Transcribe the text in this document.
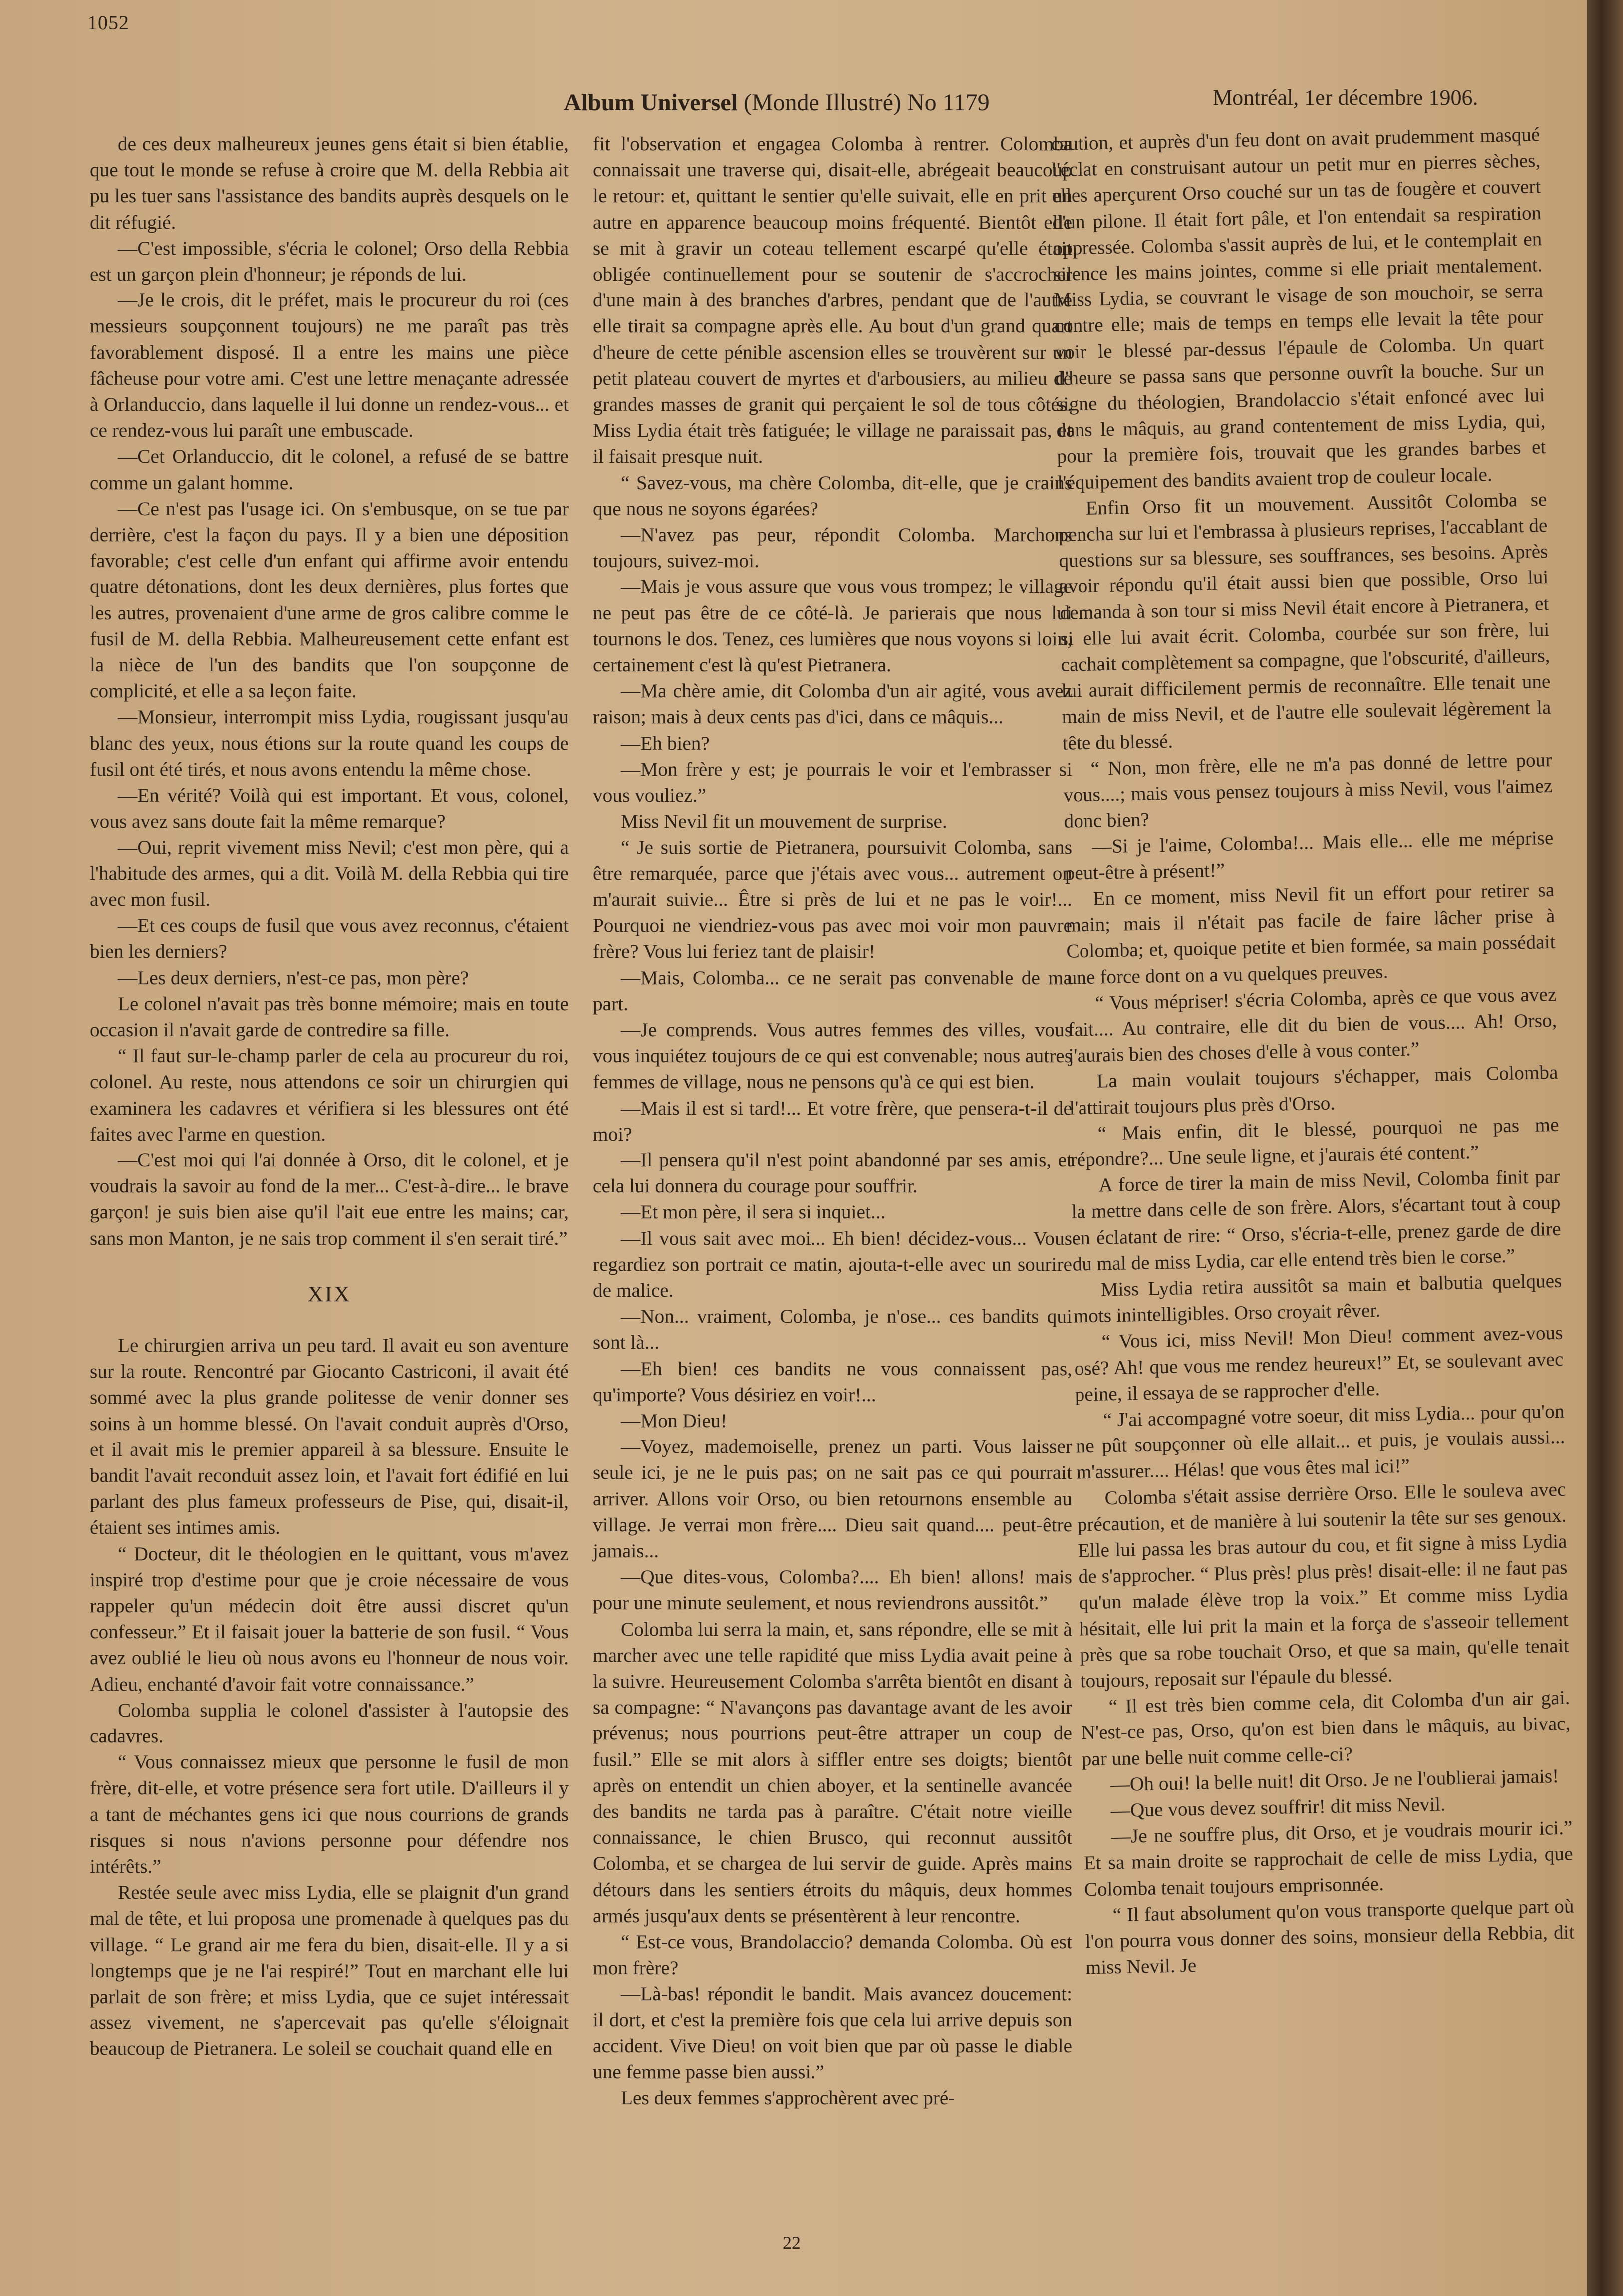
1052
Album Universel (Monde Illustré) No 1179	Montréal, 1er décembre 1906.

de ces deux malheureux jeunes gens était si bien établie, que tout le monde se refuse à croire que M. della Rebbia ait pu les tuer sans l'assistance des bandits auprès desquels on le dit réfugié.

—C'est impossible, s'écria le colonel; Orso della Rebbia est un garçon plein d'honneur; je réponds de lui.

—Je le crois, dit le préfet, mais le procureur du roi (ces messieurs soupçonnent toujours) ne me paraît pas très favorablement disposé. Il a entre les mains une pièce fâcheuse pour votre ami. C'est une lettre menaçante adressée à Orlanduccio, dans laquelle il lui donne un rendez-vous... et ce rendez-vous lui paraît une embuscade.

—Cet Orlanduccio, dit le colonel, a refusé de se battre comme un galant homme.

—Ce n'est pas l'usage ici. On s'embusque, on se tue par derrière, c'est la façon du pays. Il y a bien une déposition favorable; c'est celle d'un enfant qui affirme avoir entendu quatre détonations, dont les deux dernières, plus fortes que les autres, provenaient d'une arme de gros calibre comme le fusil de M. della Rebbia. Malheureusement cette enfant est la nièce de l'un des bandits que l'on soupçonne de complicité, et elle a sa leçon faite.

—Monsieur, interrompit miss Lydia, rougissant jusqu'au blanc des yeux, nous étions sur la route quand les coups de fusil ont été tirés, et nous avons entendu la même chose.

—En vérité? Voilà qui est important. Et vous, colonel, vous avez sans doute fait la même remarque?

—Oui, reprit vivement miss Nevil; c'est mon père, qui a l'habitude des armes, qui a dit. Voilà M. della Rebbia qui tire avec mon fusil.

—Et ces coups de fusil que vous avez reconnus, c'étaient bien les derniers?

—Les deux derniers, n'est-ce pas, mon père?

Le colonel n'avait pas très bonne mémoire; mais en toute occasion il n'avait garde de contredire sa fille.

“ Il faut sur-le-champ parler de cela au procureur du roi, colonel. Au reste, nous attendons ce soir un chirurgien qui examinera les cadavres et vérifiera si les blessures ont été faites avec l'arme en question.

—C'est moi qui l'ai donnée à Orso, dit le colonel, et je voudrais la savoir au fond de la mer... C'est-à-dire... le brave garçon! je suis bien aise qu'il l'ait eue entre les mains; car, sans mon Manton, je ne sais trop comment il s'en serait tiré.”

XIX

Le chirurgien arriva un peu tard. Il avait eu son aventure sur la route. Rencontré par Giocanto Castriconi, il avait été sommé avec la plus grande politesse de venir donner ses soins à un homme blessé. On l'avait conduit auprès d'Orso, et il avait mis le premier appareil à sa blessure. Ensuite le bandit l'avait reconduit assez loin, et l'avait fort édifié en lui parlant des plus fameux professeurs de Pise, qui, disait-il, étaient ses intimes amis.

“ Docteur, dit le théologien en le quittant, vous m'avez inspiré trop d'estime pour que je croie nécessaire de vous rappeler qu'un médecin doit être aussi discret qu'un confesseur.” Et il faisait jouer la batterie de son fusil. “ Vous avez oublié le lieu où nous avons eu l'honneur de nous voir. Adieu, enchanté d'avoir fait votre connaissance.”

Colomba supplia le colonel d'assister à l'autopsie des cadavres.

“ Vous connaissez mieux que personne le fusil de mon frère, dit-elle, et votre présence sera fort utile. D'ailleurs il y a tant de méchantes gens ici que nous courrions de grands risques si nous n'avions personne pour défendre nos intérêts.”

Restée seule avec miss Lydia, elle se plaignit d'un grand mal de tête, et lui proposa une promenade à quelques pas du village. “ Le grand air me fera du bien, disait-elle. Il y a si longtemps que je ne l'ai respiré!” Tout en marchant elle lui parlait de son frère; et miss Lydia, que ce sujet intéressait assez vivement, ne s'apercevait pas qu'elle s'éloignait beaucoup de Pietranera. Le soleil se couchait quand elle en

fit l'observation et engagea Colomba à rentrer. Colomba connaissait une traverse qui, disait-elle, abrégeait beaucoup le retour: et, quittant le sentier qu'elle suivait, elle en prit un autre en apparence beaucoup moins fréquenté. Bientôt elle se mit à gravir un coteau tellement escarpé qu'elle était obligée continuellement pour se soutenir de s'accrocher d'une main à des branches d'arbres, pendant que de l'autre elle tirait sa compagne après elle. Au bout d'un grand quart d'heure de cette pénible ascension elles se trouvèrent sur un petit plateau couvert de myrtes et d'arbousiers, au milieu de grandes masses de granit qui perçaient le sol de tous côtés. Miss Lydia était très fatiguée; le village ne paraissait pas, et il faisait presque nuit.

“ Savez-vous, ma chère Colomba, dit-elle, que je crains que nous ne soyons égarées?

—N'avez pas peur, répondit Colomba. Marchons toujours, suivez-moi.

—Mais je vous assure que vous vous trompez; le village ne peut pas être de ce côté-là. Je parierais que nous lui tournons le dos. Tenez, ces lumières que nous voyons si loin, certainement c'est là qu'est Pietranera.

—Ma chère amie, dit Colomba d'un air agité, vous avez raison; mais à deux cents pas d'ici, dans ce mâquis...

—Eh bien?

—Mon frère y est; je pourrais le voir et l'embrasser si vous vouliez.”

Miss Nevil fit un mouvement de surprise.

“ Je suis sortie de Pietranera, poursuivit Colomba, sans être remarquée, parce que j'étais avec vous... autrement on m'aurait suivie... Être si près de lui et ne pas le voir!... Pourquoi ne viendriez-vous pas avec moi voir mon pauvre frère? Vous lui feriez tant de plaisir!

—Mais, Colomba... ce ne serait pas convenable de ma part.

—Je comprends. Vous autres femmes des villes, vous vous inquiétez toujours de ce qui est convenable; nous autres femmes de village, nous ne pensons qu'à ce qui est bien.

—Mais il est si tard!... Et votre frère, que pensera-t-il de moi?

—Il pensera qu'il n'est point abandonné par ses amis, et cela lui donnera du courage pour souffrir.

—Et mon père, il sera si inquiet...

—Il vous sait avec moi... Eh bien! décidez-vous... Vous regardiez son portrait ce matin, ajouta-t-elle avec un sourire de malice.

—Non... vraiment, Colomba, je n'ose... ces bandits qui sont là...

—Eh bien! ces bandits ne vous connaissent pas, qu'importe? Vous désiriez en voir!...

—Mon Dieu!

—Voyez, mademoiselle, prenez un parti. Vous laisser seule ici, je ne le puis pas; on ne sait pas ce qui pourrait arriver. Allons voir Orso, ou bien retournons ensemble au village. Je verrai mon frère.... Dieu sait quand.... peut-être jamais...

—Que dites-vous, Colomba?.... Eh bien! allons! mais pour une minute seulement, et nous reviendrons aussitôt.”

Colomba lui serra la main, et, sans répondre, elle se mit à marcher avec une telle rapidité que miss Lydia avait peine à la suivre. Heureusement Colomba s'arrêta bientôt en disant à sa compagne: “ N'avançons pas davantage avant de les avoir prévenus; nous pourrions peut-être attraper un coup de fusil.” Elle se mit alors à siffler entre ses doigts; bientôt après on entendit un chien aboyer, et la sentinelle avancée des bandits ne tarda pas à paraître. C'était notre vieille connaissance, le chien Brusco, qui reconnut aussitôt Colomba, et se chargea de lui servir de guide. Après mains détours dans les sentiers étroits du mâquis, deux hommes armés jusqu'aux dents se présentèrent à leur rencontre.

“ Est-ce vous, Brandolaccio? demanda Colomba. Où est mon frère?

—Là-bas! répondit le bandit. Mais avancez doucement: il dort, et c'est la première fois que cela lui arrive depuis son accident. Vive Dieu! on voit bien que par où passe le diable une femme passe bien aussi.”

Les deux femmes s'approchèrent avec pré-

caution, et auprès d'un feu dont on avait prudemment masqué l'éclat en construisant autour un petit mur en pierres sèches, elles aperçurent Orso couché sur un tas de fougère et couvert d'un pilone. Il était fort pâle, et l'on entendait sa respiration oppressée. Colomba s'assit auprès de lui, et le contemplait en silence les mains jointes, comme si elle priait mentalement. Miss Lydia, se couvrant le visage de son mouchoir, se serra contre elle; mais de temps en temps elle levait la tête pour voir le blessé par-dessus l'épaule de Colomba. Un quart d'heure se passa sans que personne ouvrît la bouche. Sur un signe du théologien, Brandolaccio s'était enfoncé avec lui dans le mâquis, au grand contentement de miss Lydia, qui, pour la première fois, trouvait que les grandes barbes et l'équipement des bandits avaient trop de couleur locale.

Enfin Orso fit un mouvement. Aussitôt Colomba se pencha sur lui et l'embrassa à plusieurs reprises, l'accablant de questions sur sa blessure, ses souffrances, ses besoins. Après avoir répondu qu'il était aussi bien que possible, Orso lui demanda à son tour si miss Nevil était encore à Pietranera, et si elle lui avait écrit. Colomba, courbée sur son frère, lui cachait complètement sa compagne, que l'obscurité, d'ailleurs, lui aurait difficilement permis de reconnaître. Elle tenait une main de miss Nevil, et de l'autre elle soulevait légèrement la tête du blessé.

“ Non, mon frère, elle ne m'a pas donné de lettre pour vous....; mais vous pensez toujours à miss Nevil, vous l'aimez donc bien?

—Si je l'aime, Colomba!... Mais elle... elle me méprise peut-être à présent!”

En ce moment, miss Nevil fit un effort pour retirer sa main; mais il n'était pas facile de faire lâcher prise à Colomba; et, quoique petite et bien formée, sa main possédait une force dont on a vu quelques preuves.

“ Vous mépriser! s'écria Colomba, après ce que vous avez fait.... Au contraire, elle dit du bien de vous.... Ah! Orso, j'aurais bien des choses d'elle à vous conter.”

La main voulait toujours s'échapper, mais Colomba l'attirait toujours plus près d'Orso.

“ Mais enfin, dit le blessé, pourquoi ne pas me répondre?... Une seule ligne, et j'aurais été content.”

A force de tirer la main de miss Nevil, Colomba finit par la mettre dans celle de son frère. Alors, s'écartant tout à coup en éclatant de rire: “ Orso, s'écria-t-elle, prenez garde de dire du mal de miss Lydia, car elle entend très bien le corse.”

Miss Lydia retira aussitôt sa main et balbutia quelques mots inintelligibles. Orso croyait rêver.

“ Vous ici, miss Nevil! Mon Dieu! comment avez-vous osé? Ah! que vous me rendez heureux!” Et, se soulevant avec peine, il essaya de se rapprocher d'elle.

“ J'ai accompagné votre soeur, dit miss Lydia... pour qu'on ne pût soupçonner où elle allait... et puis, je voulais aussi... m'assurer.... Hélas! que vous êtes mal ici!”

Colomba s'était assise derrière Orso. Elle le souleva avec précaution, et de manière à lui soutenir la tête sur ses genoux. Elle lui passa les bras autour du cou, et fit signe à miss Lydia de s'approcher. “ Plus près! plus près! disait-elle: il ne faut pas qu'un malade élève trop la voix.” Et comme miss Lydia hésitait, elle lui prit la main et la força de s'asseoir tellement près que sa robe touchait Orso, et que sa main, qu'elle tenait toujours, reposait sur l'épaule du blessé.

“ Il est très bien comme cela, dit Colomba d'un air gai. N'est-ce pas, Orso, qu'on est bien dans le mâquis, au bivac, par une belle nuit comme celle-ci?

—Oh oui! la belle nuit! dit Orso. Je ne l'oublierai jamais!

—Que vous devez souffrir! dit miss Nevil.

—Je ne souffre plus, dit Orso, et je voudrais mourir ici.” Et sa main droite se rapprochait de celle de miss Lydia, que Colomba tenait toujours emprisonnée.

“ Il faut absolument qu'on vous transporte quelque part où l'on pourra vous donner des soins, monsieur della Rebbia, dit miss Nevil. Je

22
